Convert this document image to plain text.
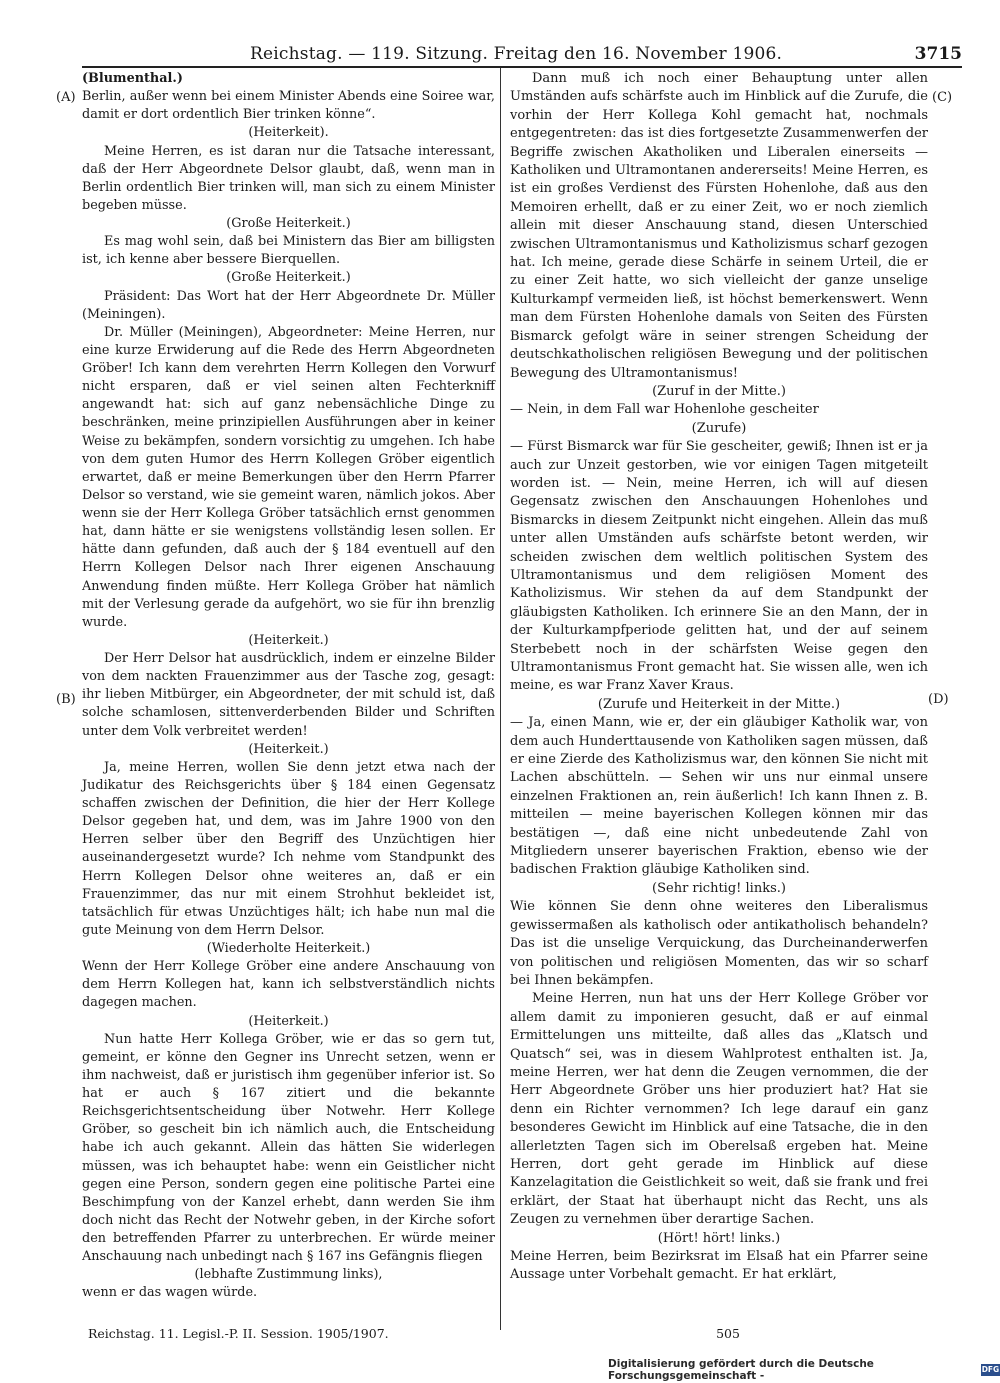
Reichstag. — 119. Sitzung. Freitag den 16. November 1906.	3715
(A)
(B)
(C)
(D)

(Blumenthal.)

Berlin, außer wenn bei einem Minister Abends eine Soiree war, damit er dort ordentlich Bier trinken könne“.

(Heiterkeit).

Meine Herren, es ist daran nur die Tatsache interessant, daß der Herr Abgeordnete Delsor glaubt, daß, wenn man in Berlin ordentlich Bier trinken will, man sich zu einem Minister begeben müsse.

(Große Heiterkeit.)

Es mag wohl sein, daß bei Ministern das Bier am billigsten ist, ich kenne aber bessere Bierquellen.

(Große Heiterkeit.)

Präsident: Das Wort hat der Herr Abgeordnete Dr. Müller (Meiningen).

Dr. Müller (Meiningen), Abgeordneter: Meine Herren, nur eine kurze Erwiderung auf die Rede des Herrn Abgeordneten Gröber! Ich kann dem verehrten Herrn Kollegen den Vorwurf nicht ersparen, daß er viel seinen alten Fechterkniff angewandt hat: sich auf ganz nebensächliche Dinge zu beschränken, meine prinzipiellen Ausführungen aber in keiner Weise zu bekämpfen, sondern vorsichtig zu umgehen. Ich habe von dem guten Humor des Herrn Kollegen Gröber eigentlich erwartet, daß er meine Bemerkungen über den Herrn Pfarrer Delsor so verstand, wie sie gemeint waren, nämlich jokos. Aber wenn sie der Herr Kollega Gröber tatsächlich ernst genommen hat, dann hätte er sie wenigstens vollständig lesen sollen. Er hätte dann gefunden, daß auch der § 184 eventuell auf den Herrn Kollegen Delsor nach Ihrer eigenen Anschauung Anwendung finden müßte. Herr Kollega Gröber hat nämlich mit der Verlesung gerade da aufgehört, wo sie für ihn brenzlig wurde.

(Heiterkeit.)

Der Herr Delsor hat ausdrücklich, indem er einzelne Bilder von dem nackten Frauenzimmer aus der Tasche zog, gesagt: ihr lieben Mitbürger, ein Abgeordneter, der mit schuld ist, daß solche schamlosen, sittenverderbenden Bilder und Schriften unter dem Volk verbreitet werden!

(Heiterkeit.)

Ja, meine Herren, wollen Sie denn jetzt etwa nach der Judikatur des Reichsgerichts über § 184 einen Gegensatz schaffen zwischen der Definition, die hier der Herr Kollege Delsor gegeben hat, und dem, was im Jahre 1900 von den Herren selber über den Begriff des Unzüchtigen hier auseinandergesetzt wurde? Ich nehme vom Standpunkt des Herrn Kollegen Delsor ohne weiteres an, daß er ein Frauenzimmer, das nur mit einem Strohhut bekleidet ist, tatsächlich für etwas Unzüchtiges hält; ich habe nun mal die gute Meinung von dem Herrn Delsor.

(Wiederholte Heiterkeit.)

Wenn der Herr Kollege Gröber eine andere Anschauung von dem Herrn Kollegen hat, kann ich selbstverständlich nichts dagegen machen.

(Heiterkeit.)

Nun hatte Herr Kollega Gröber, wie er das so gern tut, gemeint, er könne den Gegner ins Unrecht setzen, wenn er ihm nachweist, daß er juristisch ihm gegenüber inferior ist. So hat er auch § 167 zitiert und die bekannte Reichsgerichtsentscheidung über Notwehr. Herr Kollege Gröber, so gescheit bin ich nämlich auch, die Entscheidung habe ich auch gekannt. Allein das hätten Sie widerlegen müssen, was ich behauptet habe: wenn ein Geistlicher nicht gegen eine Person, sondern gegen eine politische Partei eine Beschimpfung von der Kanzel erhebt, dann werden Sie ihm doch nicht das Recht der Notwehr geben, in der Kirche sofort den betreffenden Pfarrer zu unterbrechen. Er würde meiner Anschauung nach unbedingt nach § 167 ins Gefängnis fliegen

(lebhafte Zustimmung links),

wenn er das wagen würde.

Dann muß ich noch einer Behauptung unter allen Umständen aufs schärfste auch im Hinblick auf die Zurufe, die vorhin der Herr Kollega Kohl gemacht hat, nochmals entgegentreten: das ist dies fortgesetzte Zusammenwerfen der Begriffe zwischen Akatholiken und Liberalen einerseits — Katholiken und Ultramontanen andererseits! Meine Herren, es ist ein großes Verdienst des Fürsten Hohenlohe, daß aus den Memoiren erhellt, daß er zu einer Zeit, wo er noch ziemlich allein mit dieser Anschauung stand, diesen Unterschied zwischen Ultramontanismus und Katholizismus scharf gezogen hat. Ich meine, gerade diese Schärfe in seinem Urteil, die er zu einer Zeit hatte, wo sich vielleicht der ganze unselige Kulturkampf vermeiden ließ, ist höchst bemerkenswert. Wenn man dem Fürsten Hohenlohe damals von Seiten des Fürsten Bismarck gefolgt wäre in seiner strengen Scheidung der deutschkatholischen religiösen Bewegung und der politischen Bewegung des Ultramontanismus!

(Zuruf in der Mitte.)

— Nein, in dem Fall war Hohenlohe gescheiter

(Zurufe)

— Fürst Bismarck war für Sie gescheiter, gewiß; Ihnen ist er ja auch zur Unzeit gestorben, wie vor einigen Tagen mitgeteilt worden ist. — Nein, meine Herren, ich will auf diesen Gegensatz zwischen den Anschauungen Hohenlohes und Bismarcks in diesem Zeitpunkt nicht eingehen. Allein das muß unter allen Umständen aufs schärfste betont werden, wir scheiden zwischen dem weltlich politischen System des Ultramontanismus und dem religiösen Moment des Katholizismus. Wir stehen da auf dem Standpunkt der gläubigsten Katholiken. Ich erinnere Sie an den Mann, der in der Kulturkampfperiode gelitten hat, und der auf seinem Sterbebett noch in der schärfsten Weise gegen den Ultramontanismus Front gemacht hat. Sie wissen alle, wen ich meine, es war Franz Xaver Kraus.

(Zurufe und Heiterkeit in der Mitte.)

— Ja, einen Mann, wie er, der ein gläubiger Katholik war, von dem auch Hunderttausende von Katholiken sagen müssen, daß er eine Zierde des Katholizismus war, den können Sie nicht mit Lachen abschütteln. — Sehen wir uns nur einmal unsere einzelnen Fraktionen an, rein äußerlich! Ich kann Ihnen z. B. mitteilen — meine bayerischen Kollegen können mir das bestätigen —, daß eine nicht unbedeutende Zahl von Mitgliedern unserer bayerischen Fraktion, ebenso wie der badischen Fraktion gläubige Katholiken sind.

(Sehr richtig! links.)

Wie können Sie denn ohne weiteres den Liberalismus gewissermaßen als katholisch oder antikatholisch behandeln? Das ist die unselige Verquickung, das Durcheinanderwerfen von politischen und religiösen Momenten, das wir so scharf bei Ihnen bekämpfen.

Meine Herren, nun hat uns der Herr Kollege Gröber vor allem damit zu imponieren gesucht, daß er auf einmal Ermittelungen uns mitteilte, daß alles das „Klatsch und Quatsch“ sei, was in diesem Wahlprotest enthalten ist. Ja, meine Herren, wer hat denn die Zeugen vernommen, die der Herr Abgeordnete Gröber uns hier produziert hat? Hat sie denn ein Richter vernommen? Ich lege darauf ein ganz besonderes Gewicht im Hinblick auf eine Tatsache, die in den allerletzten Tagen sich im Oberelsaß ergeben hat. Meine Herren, dort geht gerade im Hinblick auf diese Kanzelagitation die Geistlichkeit so weit, daß sie frank und frei erklärt, der Staat hat überhaupt nicht das Recht, uns als Zeugen zu vernehmen über derartige Sachen.

(Hört! hört! links.)

Meine Herren, beim Bezirksrat im Elsaß hat ein Pfarrer seine Aussage unter Vorbehalt gemacht. Er hat erklärt,

Reichstag. 11. Legisl.-P. II. Session. 1905/1907.	505
Digitalisierung gefördert durch die Deutsche Forschungsgemeinschaft -
DFG
